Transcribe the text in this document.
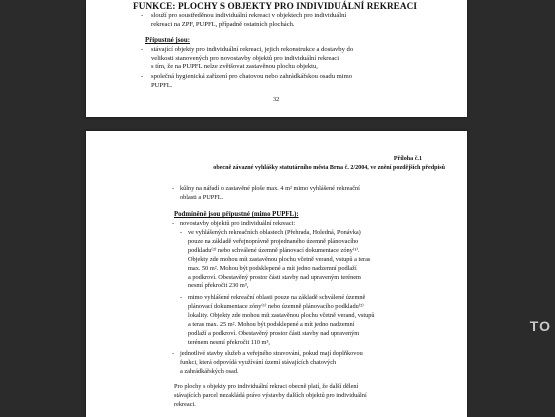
FUNKCE: PLOCHY S OBJEKTY PRO INDIVIDUÁLNÍ REKREACI
- slouží pro soustředěnou individuální rekreaci v objektech pro individuální
rekreaci na ZPF, PUPFL, případně ostatních plochách.
Přípustné jsou:
- stávající objekty pro individuální rekreaci, jejich rekonstrukce a dostavby do
velikosti stanovených pro novostavby objektů pro individuální rekreaci
s tím, že na PUPFL nelze zvětšovat zastavěnou plochu objektu,
- společná hygienická zařízení pro chatovou nebo zahrádkářskou osadu mimo
PUPFL.
32
Příloha č.1
obecně závazné vyhlášky statutárního města Brna č. 2/2004, ve znění pozdějších předpisů
- kůlny na nářadí o zastavěné ploše max. 4 m² mimo vyhlášené rekreační
oblasti a PUPFL.
Podmíněně jsou přípustné (mimo PUPFL):
- novostavby objektů pro individuální rekreaci:
- ve vyhlášených rekreačních oblastech (Přehrada, Holedná, Ponávka)
pouze na základě veřejnoprávně projednaného územně plánovacího
podkladu⁽²⁾ nebo schválené územně plánovací dokumentace zóny⁽¹⁾.
Objekty zde mohou mít zastavěnou plochu včetně verand, vstupů a teras
max. 50 m². Mohou být podsklepené a mít jedno nadzemní podlaží
a podkroví. Obestavěný prostor části stavby nad upraveným terénem
nesmí překročit 230 m³,
- mimo vyhlášené rekreační oblasti pouze na základě schválené územně
plánovací dokumentace zóny⁽¹⁾ nebo územně plánovacího podkladu⁽²⁾
lokality. Objekty zde mohou mít zastavěnou plochu včetně verand, vstupů
a teras max. 25 m². Mohou být podsklepené a mít jedno nadzemní
podlaží a podkroví. Obestavěný prostor části stavby nad upraveným
terénem nesmí překročit 110 m³,
- jednotlivé stavby služeb a veřejného stravování, pokud mají doplňkovou
funkci, která odpovídá využívání území stávajících chatových
a zahrádkářských osad.
Pro plochy s objekty pro individuální rekraci obecně platí, že další dělení
stávajících parcel nezakládá právo výstavby dalších objektů pro individuální
rekreaci.
TO
